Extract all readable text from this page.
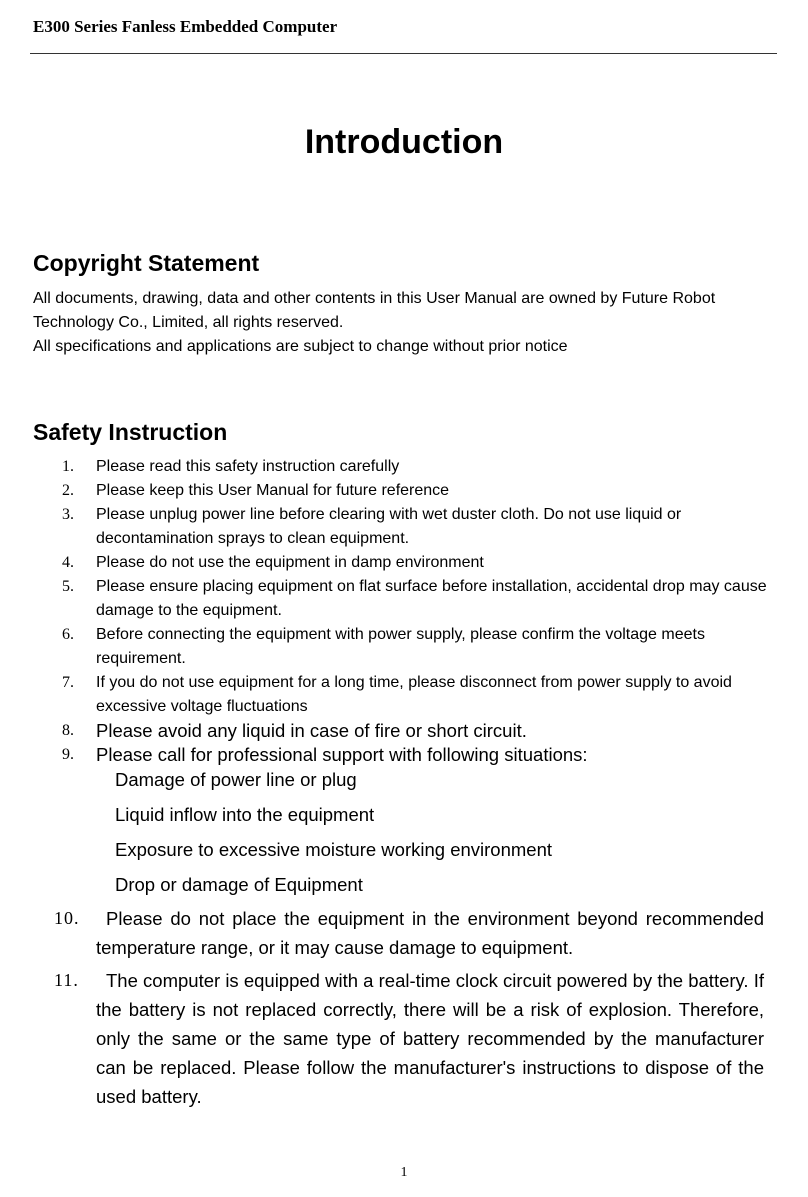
E300 Series Fanless Embedded Computer
Introduction
Copyright Statement
All documents, drawing, data and other contents in this User Manual are owned by Future Robot Technology Co., Limited, all rights reserved.
All specifications and applications are subject to change without prior notice
Safety Instruction
1. Please read this safety instruction carefully
2. Please keep this User Manual for future reference
3. Please unplug power line before clearing with wet duster cloth. Do not use liquid or decontamination sprays to clean equipment.
4. Please do not use the equipment in damp environment
5. Please ensure placing equipment on flat surface before installation, accidental drop may cause damage to the equipment.
6. Before connecting the equipment with power supply, please confirm the voltage meets requirement.
7. If you do not use equipment for a long time, please disconnect from power supply to avoid excessive voltage fluctuations
8. Please avoid any liquid in case of fire or short circuit.
9. Please call for professional support with following situations:
Damage of power line or plug
Liquid inflow into the equipment
Exposure to excessive moisture working environment
Drop or damage of Equipment
10.	Please do not place the equipment in the environment beyond recommended temperature range, or it may cause damage to equipment.
11.	The computer is equipped with a real-time clock circuit powered by the battery. If the battery is not replaced correctly, there will be a risk of explosion. Therefore, only the same or the same type of battery recommended by the manufacturer can be replaced. Please follow the manufacturer's instructions to dispose of the used battery.
1
